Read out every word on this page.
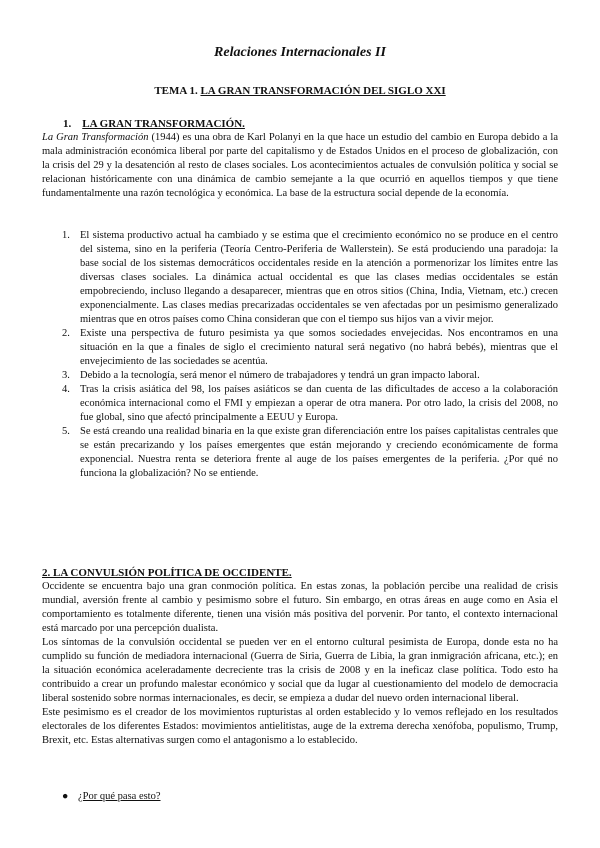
Relaciones Internacionales II
TEMA 1. LA GRAN TRANSFORMACIÓN DEL SIGLO XXI
1. LA GRAN TRANSFORMACIÓN.

La Gran Transformación (1944) es una obra de Karl Polanyi en la que hace un estudio del cambio en Europa debido a la mala administración económica liberal por parte del capitalismo y de Estados Unidos en el proceso de globalización, con la crisis del 29 y la desatención al resto de clases sociales. Los acontecimientos actuales de convulsión política y social se relacionan históricamente con una dinámica de cambio semejante a la que ocurrió en aquellos tiempos y que tiene fundamentalmente una razón tecnológica y económica. La base de la estructura social depende de la economía.

1. El sistema productivo actual ha cambiado y se estima que el crecimiento económico no se produce en el centro del sistema, sino en la periferia (Teoría Centro-Periferia de Wallerstein). Se está produciendo una paradoja: la base social de los sistemas democráticos occidentales reside en la atención a pormenorizar los límites entre las diversas clases sociales. La dinámica actual occidental es que las clases medias occidentales se están empobreciendo, incluso llegando a desaparecer, mientras que en otros sitios (China, India, Vietnam, etc.) crecen exponencialmente. Las clases medias precarizadas occidentales se ven afectadas por un pesimismo generalizado mientras que en otros países como China consideran que con el tiempo sus hijos van a vivir mejor.
2. Existe una perspectiva de futuro pesimista ya que somos sociedades envejecidas. Nos encontramos en una situación en la que a finales de siglo el crecimiento natural será negativo (no habrá bebés), mientras que el envejecimiento de las sociedades se acentúa.
3. Debido a la tecnología, será menor el número de trabajadores y tendrá un gran impacto laboral.
4. Tras la crisis asiática del 98, los países asiáticos se dan cuenta de las dificultades de acceso a la colaboración económica internacional como el FMI y empiezan a operar de otra manera. Por otro lado, la crisis del 2008, no fue global, sino que afectó principalmente a EEUU y Europa.
5. Se está creando una realidad binaria en la que existe gran diferenciación entre los países capitalistas centrales que se están precarizando y los países emergentes que están mejorando y creciendo económicamente de forma exponencial. Nuestra renta se deteriora frente al auge de los países emergentes de la periferia. ¿Por qué no funciona la globalización? No se entiende.
2. LA CONVULSIÓN POLÍTICA DE OCCIDENTE.

Occidente se encuentra bajo una gran conmoción política. En estas zonas, la población percibe una realidad de crisis mundial, aversión frente al cambio y pesimismo sobre el futuro. Sin embargo, en otras áreas en auge como en Asia el comportamiento es totalmente diferente, tienen una visión más positiva del porvenir. Por tanto, el contexto internacional está marcado por una percepción dualista.

Los síntomas de la convulsión occidental se pueden ver en el entorno cultural pesimista de Europa, donde esta no ha cumplido su función de mediadora internacional (Guerra de Siria, Guerra de Libia, la gran inmigración africana, etc.); en la situación económica aceleradamente decreciente tras la crisis de 2008 y en la ineficaz clase política. Todo esto ha contribuido a crear un profundo malestar económico y social que da lugar al cuestionamiento del modelo de democracia liberal sostenido sobre normas internacionales, es decir, se empieza a dudar del nuevo orden internacional liberal.

Este pesimismo es el creador de los movimientos rupturistas al orden establecido y lo vemos reflejado en los resultados electorales de los diferentes Estados: movimientos antielitistas, auge de la extrema derecha xenófoba, populismo, Trump, Brexit, etc. Estas alternativas surgen como el antagonismo a lo establecido.

● ¿Por qué pasa esto?
